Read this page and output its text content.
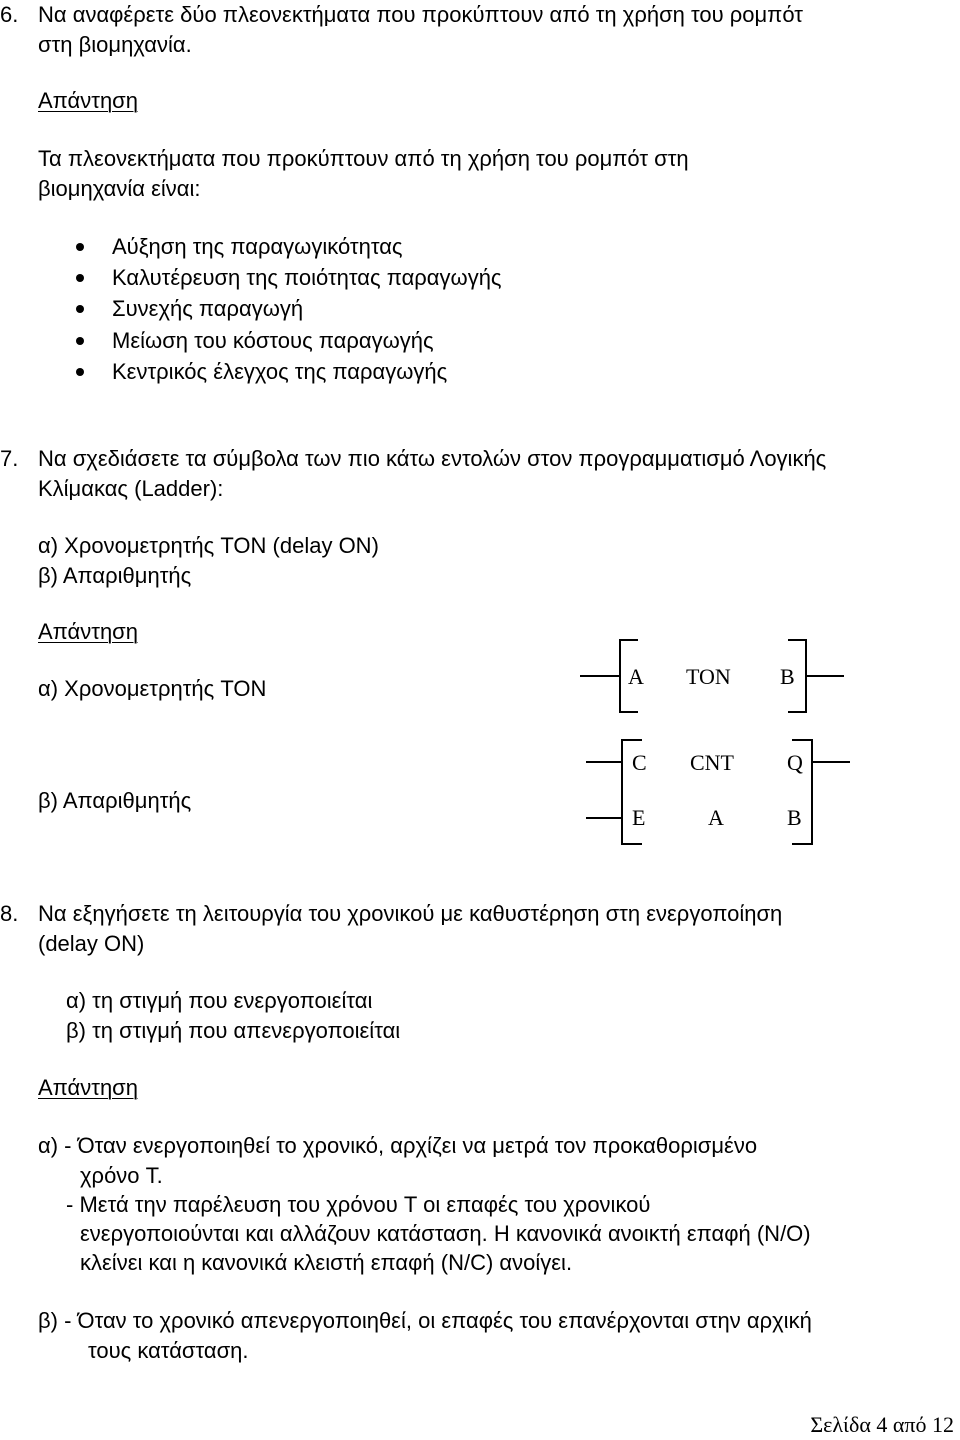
6. Να αναφέρετε δύο πλεονεκτήματα που προκύπτουν από τη χρήση του ρομπότ
στη βιομηχανία.
Απάντηση
Τα πλεονεκτήματα που προκύπτουν από τη χρήση του ρομπότ στη
βιομηχανία είναι:
Αύξηση της παραγωγικότητας
Καλυτέρευση της ποιότητας παραγωγής
Συνεχής παραγωγή
Μείωση του κόστους παραγωγής
Κεντρικός έλεγχος της παραγωγής
7. Να σχεδιάσετε τα σύμβολα των πιο κάτω εντολών στον προγραμματισμό Λογικής
Κλίμακας (Ladder):
α) Χρονομετρητής TON (delay ON)
β) Απαριθμητής
Απάντηση
α) Χρονομετρητής TON
β) Απαριθμητής
A TON B
C CNT Q
E	A	B
8. Να εξηγήσετε τη λειτουργία του χρονικού με καθυστέρηση στη ενεργοποίηση
(delay ON)
α) τη στιγμή που ενεργοποιείται
β) τη στιγμή που απενεργοποιείται
Απάντηση
α) - Όταν ενεργοποιηθεί το χρονικό, αρχίζει να μετρά τον προκαθορισμένο
χρόνο T.
- Μετά την παρέλευση του χρόνου T οι επαφές του χρονικού
ενεργοποιούνται και αλλάζουν κατάσταση. Η κανονικά ανοικτή επαφή (N/O)
κλείνει και η κανονικά κλειστή επαφή (N/C) ανοίγει.
β) - Όταν το χρονικό απενεργοποιηθεί, οι επαφές του επανέρχονται στην αρχική
τους κατάσταση.
Σελίδα 4 από 12
